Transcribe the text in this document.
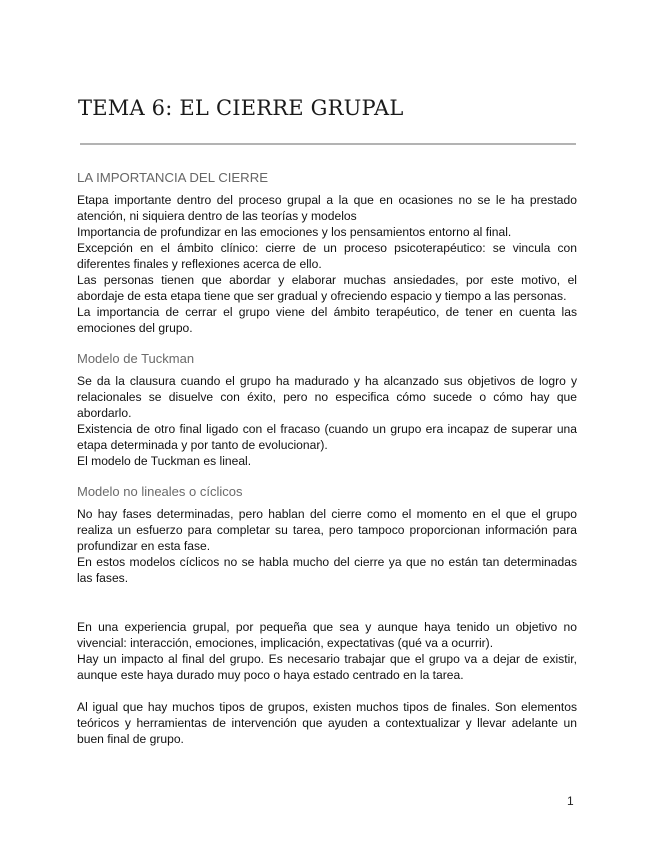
TEMA 6: EL CIERRE GRUPAL
LA IMPORTANCIA DEL CIERRE

Etapa importante dentro del proceso grupal a la que en ocasiones no se le ha prestado atención, ni siquiera dentro de las teorías y modelos

Importancia de profundizar en las emociones y los pensamientos entorno al final.

Excepción en el ámbito clínico: cierre de un proceso psicoterapéutico: se vincula con diferentes finales y reflexiones acerca de ello.

Las personas tienen que abordar y elaborar muchas ansiedades, por este motivo, el abordaje de esta etapa tiene que ser gradual y ofreciendo espacio y tiempo a las personas.

La importancia de cerrar el grupo viene del ámbito terapéutico, de tener en cuenta las emociones del grupo.

Modelo de Tuckman

Se da la clausura cuando el grupo ha madurado y ha alcanzado sus objetivos de logro y relacionales se disuelve con éxito, pero no especifica cómo sucede o cómo hay que abordarlo.

Existencia de otro final ligado con el fracaso (cuando un grupo era incapaz de superar una etapa determinada y por tanto de evolucionar).

El modelo de Tuckman es lineal.

Modelo no lineales o cíclicos

No hay fases determinadas, pero hablan del cierre como el momento en el que el grupo realiza un esfuerzo para completar su tarea, pero tampoco proporcionan información para profundizar en esta fase.

En estos modelos cíclicos no se habla mucho del cierre ya que no están tan determinadas las fases.

En una experiencia grupal, por pequeña que sea y aunque haya tenido un objetivo no vivencial: interacción, emociones, implicación, expectativas (qué va a ocurrir).

Hay un impacto al final del grupo. Es necesario trabajar que el grupo va a dejar de existir, aunque este haya durado muy poco o haya estado centrado en la tarea.

Al igual que hay muchos tipos de grupos, existen muchos tipos de finales. Son elementos teóricos y herramientas de intervención que ayuden a contextualizar y llevar adelante un buen final de grupo.

1
